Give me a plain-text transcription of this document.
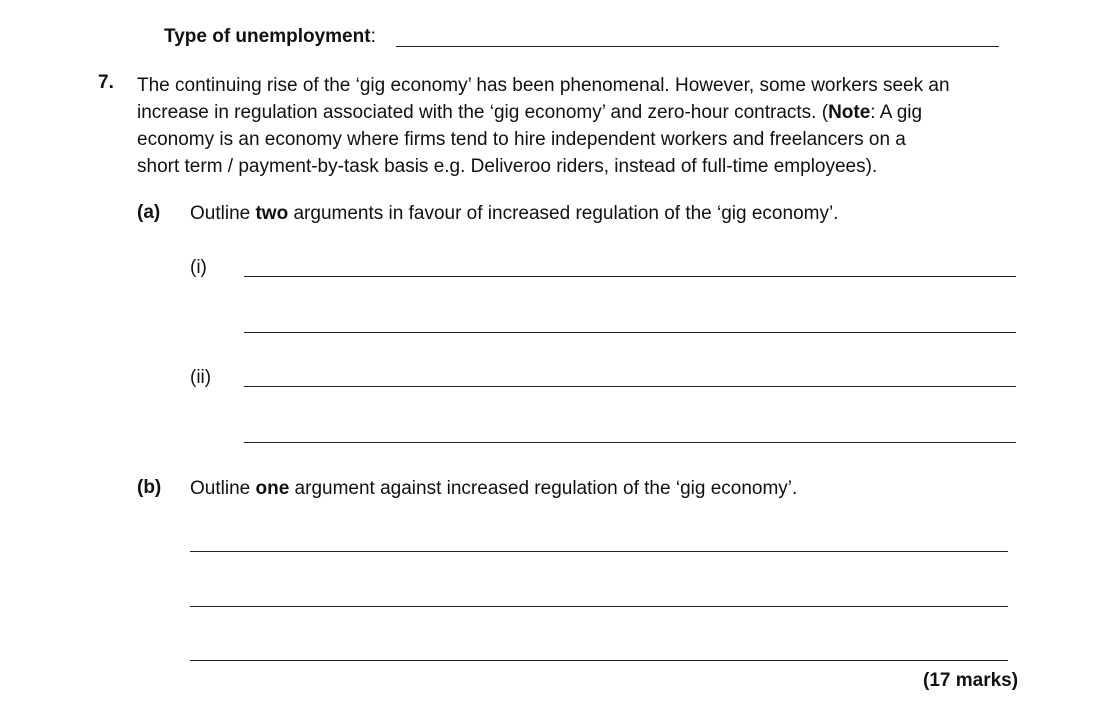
Type of unemployment:
7. The continuing rise of the ‘gig economy’ has been phenomenal. However, some workers seek an
increase in regulation associated with the ‘gig economy’ and zero-hour contracts. (Note: A gig
economy is an economy where firms tend to hire independent workers and freelancers on a
short term / payment-by-task basis e.g. Deliveroo riders, instead of full-time employees).
(a) Outline two arguments in favour of increased regulation of the ‘gig economy’.
(i)
(ii)
(b) Outline one argument against increased regulation of the ‘gig economy’.
(17 marks)
